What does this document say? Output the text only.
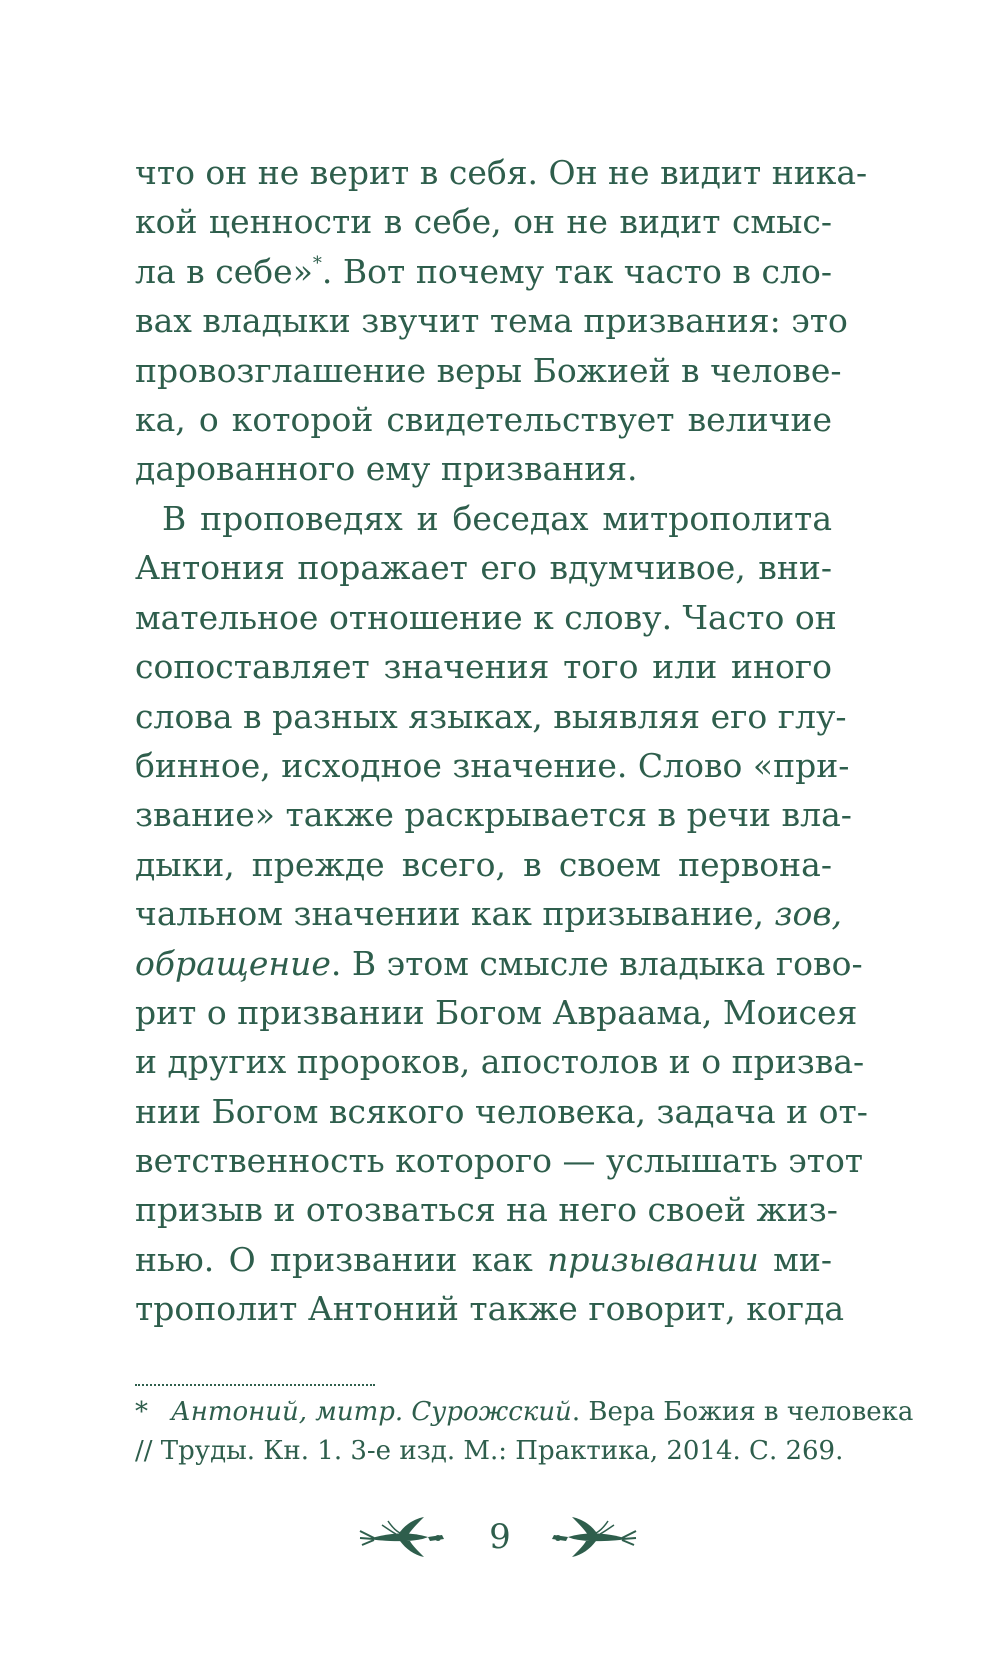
что он не верит в себя. Он не видит ника-
кой ценности в себе, он не видит смыс-
ла в себе»*. Вот почему так часто в сло-
вах владыки звучит тема призвания: это
провозглашение веры Божией в челове-
ка, о которой свидетельствует величие
дарованного ему призвания.
В проповедях и беседах митрополита
Антония поражает его вдумчивое, вни-
мательное отношение к слову. Часто он
сопоставляет значения того или иного
слова в разных языках, выявляя его глу-
бинное, исходное значение. Слово «при-
звание» также раскрывается в речи вла-
дыки, прежде всего, в своем первона-
чальном значении как призывание, зов,
обращение. В этом смысле владыка гово-
рит о призвании Богом Авраама, Моисея
и других пророков, апостолов и о призва-
нии Богом всякого человека, задача и от-
ветственность которого — услышать этот
призыв и отозваться на него своей жиз-
нью. О призвании как призывании ми-
трополит Антоний также говорит, когда
* Антоний, митр. Сурожский. Вера Божия в человека
// Труды. Кн. 1. 3-е изд. М.: Практика, 2014. С. 269.
9
